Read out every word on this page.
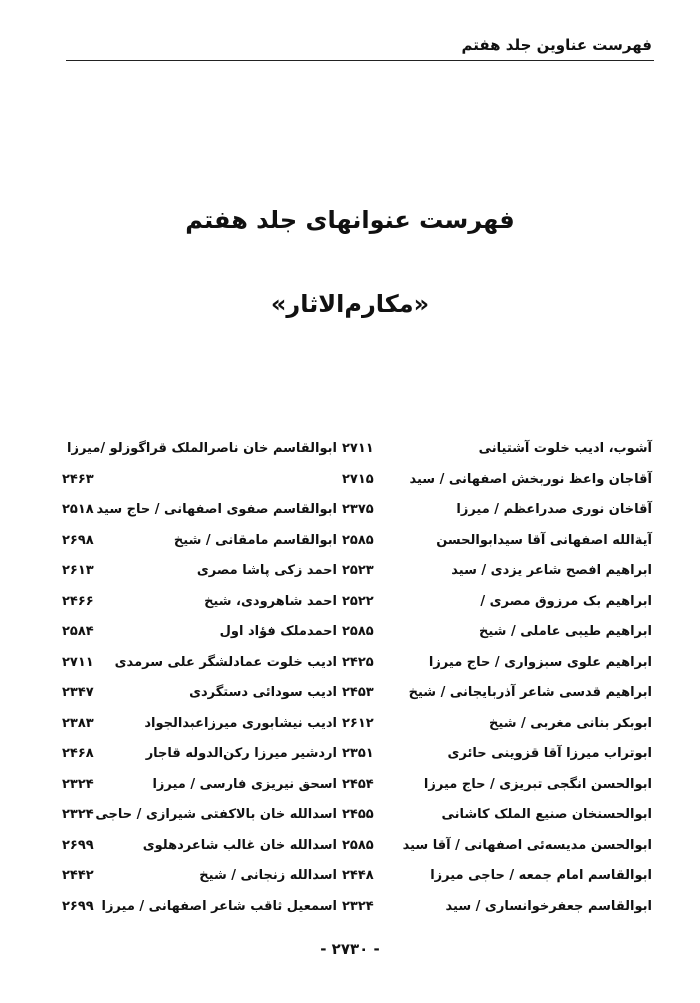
فهرست عناوین جلد هفتم
فهرست عنوانهای جلد هفتم
«مکارم‌الاثار»
آشوب، ادیب خلوت آشتیانی
۲۷۱۱
آقاجان واعظ نوربخش اصفهانی / سید
۲۷۱۵
آقاخان نوری صدراعظم / میرزا
۲۳۷۵
آیةالله اصفهانی آقا سیدابوالحسن
۲۵۸۵
ابراهیم افصح شاعر یزدی / سید
۲۵۲۳
ابراهیم بک مرزوق مصری /
۲۵۲۲
ابراهیم طیبی عاملی / شیخ
۲۵۸۵
ابراهیم علوی سبزواری / حاج میرزا
۲۴۲۵
ابراهیم قدسی شاعر آذربایجانی / شیخ
۲۴۵۳
ابوبکر بنانی مغربی / شیخ
۲۶۱۲
ابوتراب میرزا آقا قزوینی حائری
۲۳۵۱
ابوالحسن انگجی تبریزی / حاج میرزا
۲۴۵۴
ابوالحسنخان صنیع الملک کاشانی
۲۴۵۵
ابوالحسن مدیسه‌ئی اصفهانی / آقا سید
۲۵۸۵
ابوالقاسم امام جمعه / حاجی میرزا
۲۴۴۸
ابوالقاسم جعفرخوانساری / سید
۲۳۲۴
ابوالقاسم خان ناصرالملک قراگوزلو /میرزا
۲۴۶۳
ابوالقاسم صفوی اصفهانی / حاج سید
۲۵۱۸
ابوالقاسم مامقانی / شیخ
۲۶۹۸
احمد زکی پاشا مصری
۲۶۱۳
احمد شاهرودی، شیخ
۲۴۶۶
احمدملک فؤاد اول
۲۵۸۴
ادیب خلوت عمادلشگر علی سرمدی
۲۷۱۱
ادیب سودائی دستگردی
۲۳۴۷
ادیب نیشابوری میرزاعبدالجواد
۲۳۸۳
اردشیر میرزا رکن‌الدوله قاجار
۲۴۶۸
اسحق نیریزی فارسی / میرزا
۲۳۲۴
اسدالله خان بالاکفتی شیرازی / حاجی
۲۳۲۴
اسدالله خان غالب شاعردهلوی
۲۶۹۹
اسدالله زنجانی / شیخ
۲۴۴۲
اسمعیل ثاقب شاعر اصفهانی / میرزا
۲۶۹۹
- ۲۷۳۰ -
